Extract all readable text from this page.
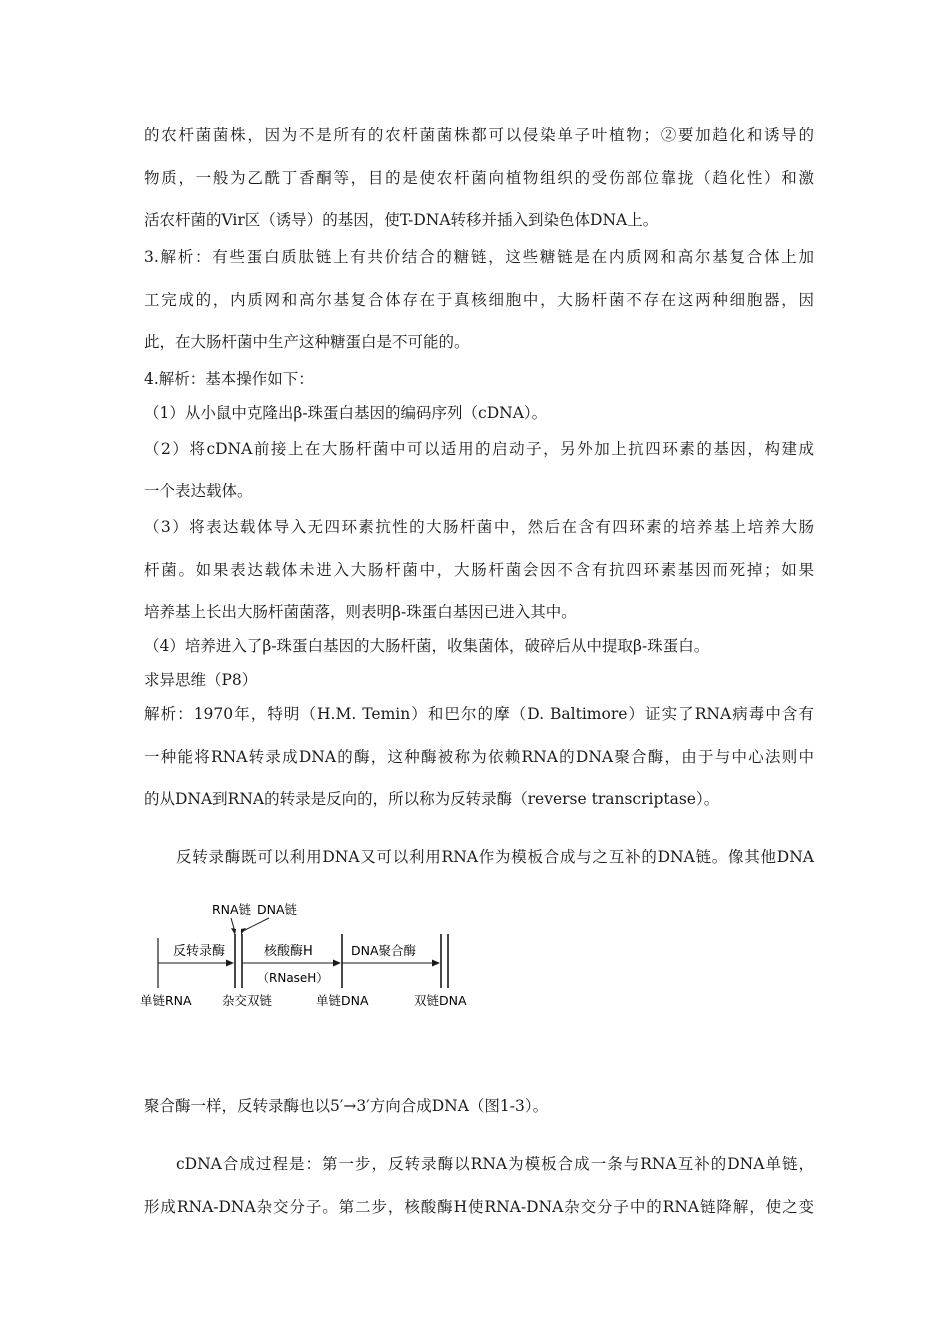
的农杆菌菌株，因为不是所有的农杆菌菌株都可以侵染单子叶植物；②要加趋化和诱导的
物质，一般为乙酰丁香酮等，目的是使农杆菌向植物组织的受伤部位靠拢（趋化性）和激
活农杆菌的Vir区（诱导）的基因，使T-DNA转移并插入到染色体DNA上。
3.解析：有些蛋白质肽链上有共价结合的糖链，这些糖链是在内质网和高尔基复合体上加
工完成的，内质网和高尔基复合体存在于真核细胞中，大肠杆菌不存在这两种细胞器，因
此，在大肠杆菌中生产这种糖蛋白是不可能的。
4.解析：基本操作如下：
（1）从小鼠中克隆出β-珠蛋白基因的编码序列（cDNA）。
（2）将cDNA前接上在大肠杆菌中可以适用的启动子，另外加上抗四环素的基因，构建成
一个表达载体。
（3）将表达载体导入无四环素抗性的大肠杆菌中，然后在含有四环素的培养基上培养大肠
杆菌。如果表达载体未进入大肠杆菌中，大肠杆菌会因不含有抗四环素基因而死掉；如果
培养基上长出大肠杆菌菌落，则表明β-珠蛋白基因已进入其中。
（4）培养进入了β-珠蛋白基因的大肠杆菌，收集菌体，破碎后从中提取β-珠蛋白。
求异思维（P8）
解析：1970年，特明（H.M. Temin）和巴尔的摩（D. Baltimore）证实了RNA病毒中含有
一种能将RNA转录成DNA的酶，这种酶被称为依赖RNA的DNA聚合酶，由于与中心法则中
的从DNA到RNA的转录是反向的，所以称为反转录酶（reverse transcriptase）。
反转录酶既可以利用DNA又可以利用RNA作为模板合成与之互补的DNA链。像其他DNA
RNA链 DNA链
反转录酶	核酸酶H
（RNaseH）
DNA聚合酶
单链RNA 杂交双链	单链DNA	双链DNA
聚合酶一样，反转录酶也以5′→3′方向合成DNA（图1-3）。
cDNA合成过程是：第一步，反转录酶以RNA为模板合成一条与RNA互补的DNA单链，
形成RNA-DNA杂交分子。第二步，核酸酶H使RNA-DNA杂交分子中的RNA链降解，使之变
